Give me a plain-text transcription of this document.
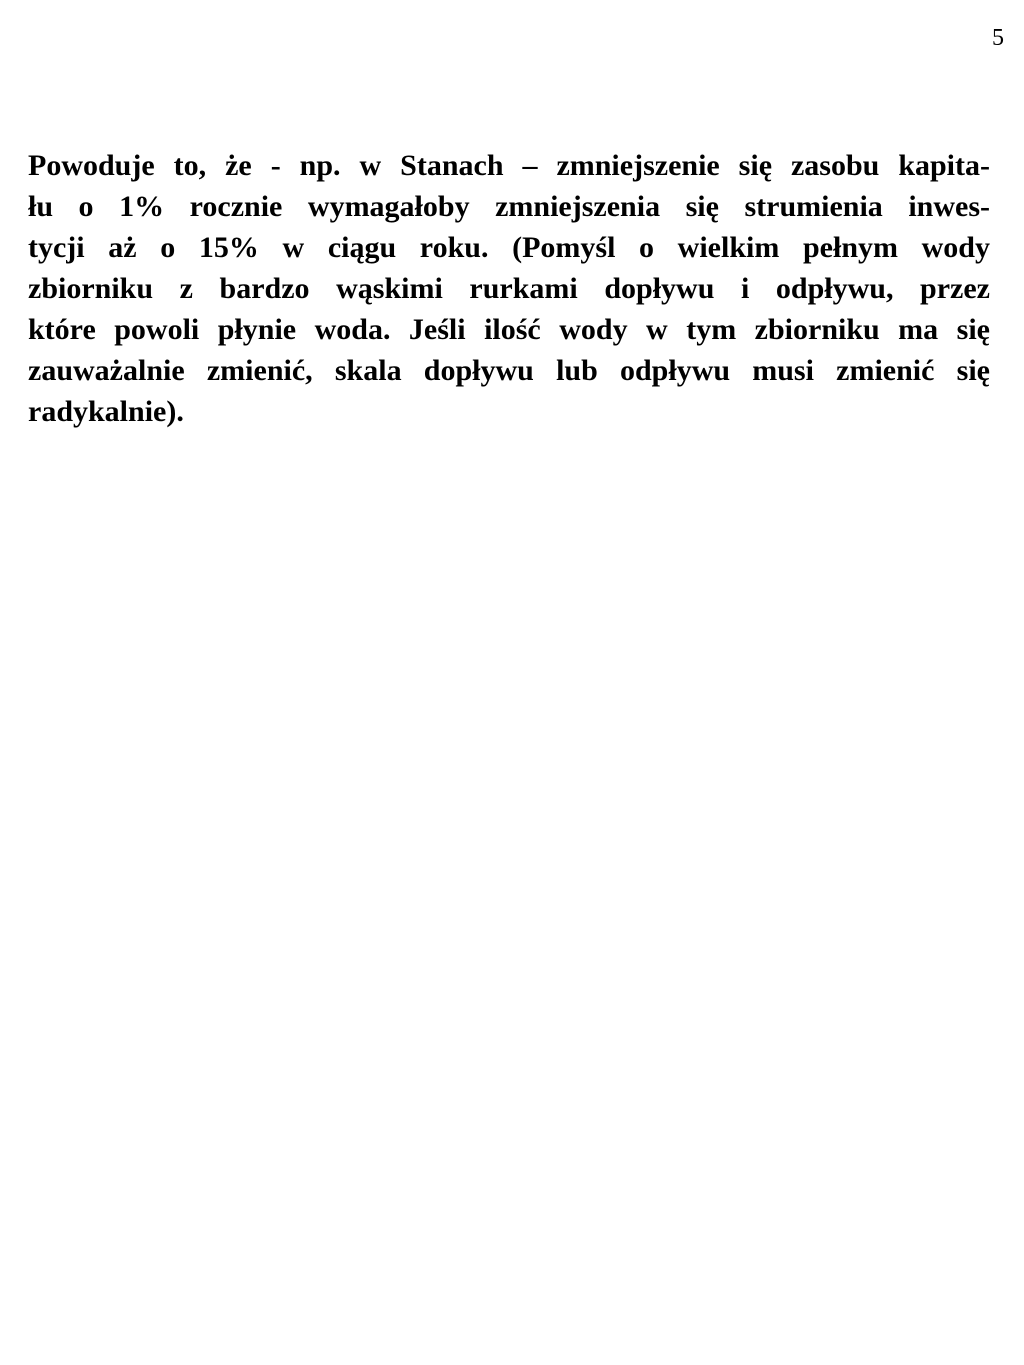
5
Powoduje to, że - np. w Stanach – zmniejszenie się zasobu kapita-
łu o 1% rocznie wymagałoby zmniejszenia się strumienia inwes-
tycji aż o 15% w ciągu roku. (Pomyśl o wielkim pełnym wody
zbiorniku z bardzo wąskimi rurkami dopływu i odpływu, przez
które powoli płynie woda. Jeśli ilość wody w tym zbiorniku ma się
zauważalnie zmienić, skala dopływu lub odpływu musi zmienić się
radykalnie).
